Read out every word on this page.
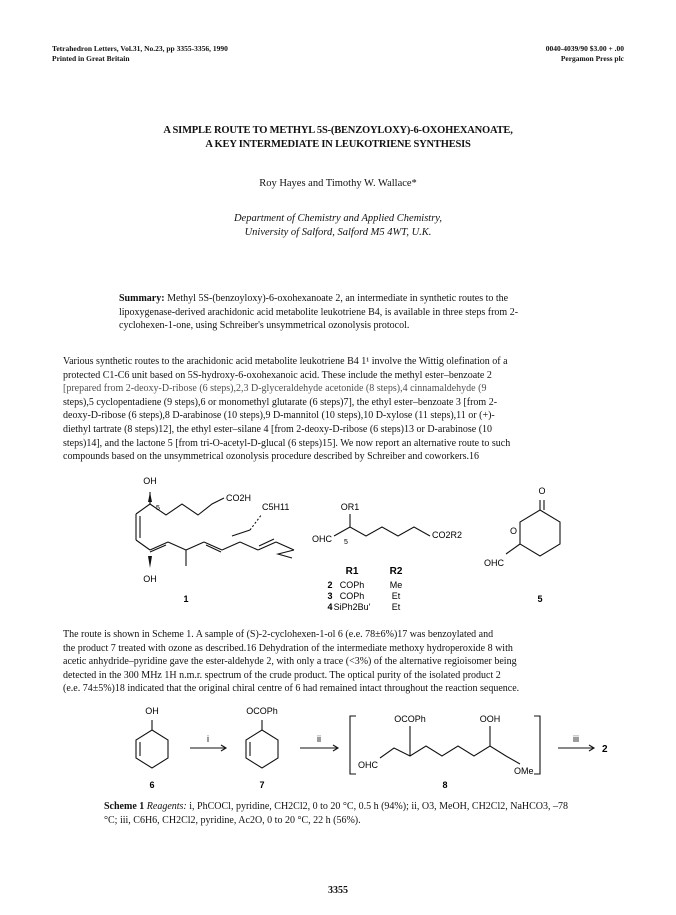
Tetrahedron Letters, Vol.31, No.23, pp 3355-3356, 1990
Printed in Great Britain
0040-4039/90 $3.00 + .00
Pergamon Press plc
A SIMPLE ROUTE TO METHYL 5S-(BENZOYLOXY)-6-OXOHEXANOATE,
A KEY INTERMEDIATE IN LEUKOTRIENE SYNTHESIS
Roy Hayes and Timothy W. Wallace*
Department of Chemistry and Applied Chemistry,
University of Salford, Salford M5 4WT, U.K.
Summary: Methyl 5S-(benzoyloxy)-6-oxohexanoate 2, an intermediate in synthetic routes to the lipoxygenase-derived arachidonic acid metabolite leukotriene B4, is available in three steps from 2-cyclohexen-1-one, using Schreiber's unsymmetrical ozonolysis protocol.

Various synthetic routes to the arachidonic acid metabolite leukotriene B4 1¹ involve the Wittig olefination of a

protected C1-C6 unit based on 5S-hydroxy-6-oxohexanoic acid. These include the methyl ester–benzoate 2

[prepared from 2-deoxy-D-ribose (6 steps),2,3 D-glyceraldehyde acetonide (8 steps),4 cinnamaldehyde (9

steps),5 cyclopentadiene (9 steps),6 or monomethyl glutarate (6 steps)7], the ethyl ester–benzoate 3 [from 2-

deoxy-D-ribose (6 steps),8 D-arabinose (10 steps),9 D-mannitol (10 steps),10 D-xylose (11 steps),11 or (+)-

diethyl tartrate (8 steps)12], the ethyl ester–silane 4 [from 2-deoxy-D-ribose (6 steps)13 or D-arabinose (10

steps)14], and the lactone 5 [from tri-O-acetyl-D-glucal (6 steps)15]. We now report an alternative route to such

compounds based on the unsymmetrical ozonolysis procedure described by Schreiber and coworkers.16

OH
5
CO2H
C5H11
OH
1
OR1
OHC 5
CO2R2
R1	R2
2 COPh	Me
3 COPh	Et
4 SiPh2Bu' Et
O
O
OHC
5

The route is shown in Scheme 1. A sample of (S)-2-cyclohexen-1-ol 6 (e.e. 78±6%)17 was benzoylated and

the product 7 treated with ozone as described.16 Dehydration of the intermediate methoxy hydroperoxide 8 with

acetic anhydride–pyridine gave the ester-aldehyde 2, with only a trace (<3%) of the alternative regioisomer being

detected in the 300 MHz 1H n.m.r. spectrum of the crude product. The optical purity of the isolated product 2

(e.e. 74±5%)18 indicated that the original chiral centre of 6 had remained intact throughout the reaction sequence.

OH
6
i
OCOPh
7
ii
OCOPh	OOH
OHC
OMe
8
iii
2
Scheme 1 Reagents: i, PhCOCl, pyridine, CH2Cl2, 0 to 20 °C, 0.5 h (94%); ii, O3, MeOH, CH2Cl2, NaHCO3, –78 °C; iii, C6H6, CH2Cl2, pyridine, Ac2O, 0 to 20 °C, 22 h (56%).
3355
